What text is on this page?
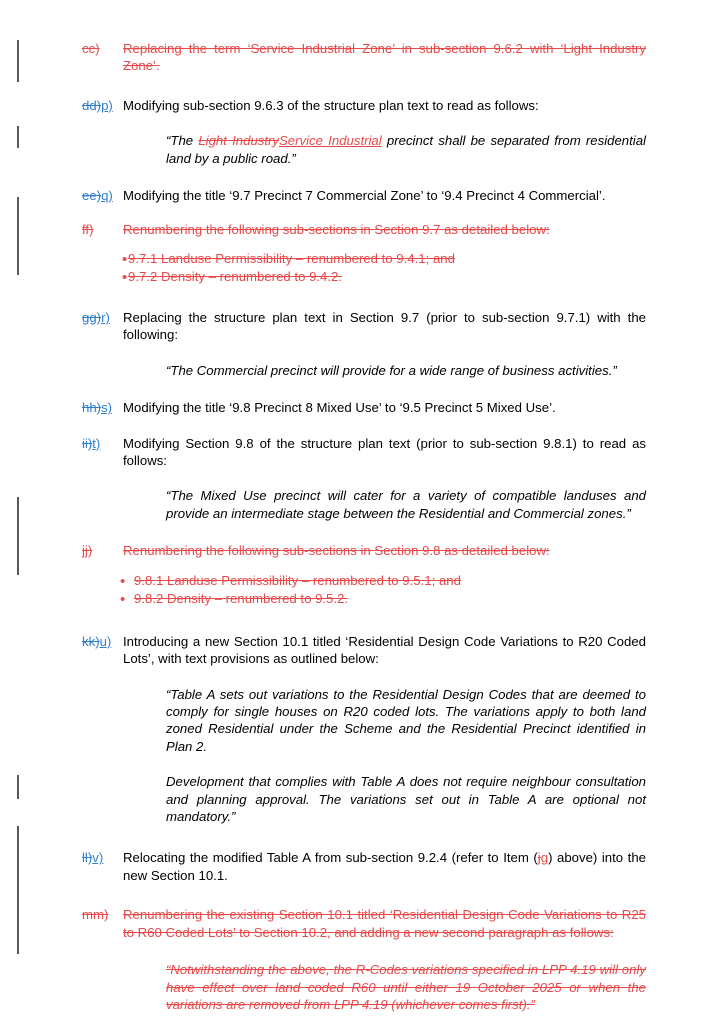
cc)	Replacing the term ‘Service Industrial Zone’ in sub-section 9.6.2 with ‘Light Industry Zone’.
dd)p) Modifying sub-section 9.6.3 of the structure plan text to read as follows:
“The Light IndustryService Industrial precinct shall be separated from residential land by a public road.”
ee)q) Modifying the title ‘9.7 Precinct 7 Commercial Zone’ to ‘9.4 Precinct 4 Commercial’.
ff)	Renumbering the following sub-sections in Section 9.7 as detailed below:
• 9.7.1 Landuse Permissibility – renumbered to 9.4.1; and
• 9.7.2 Density – renumbered to 9.4.2.
gg)r) Replacing the structure plan text in Section 9.7 (prior to sub-section 9.7.1) with the following:
“The Commercial precinct will provide for a wide range of business activities.”
hh)s) Modifying the title ‘9.8 Precinct 8 Mixed Use’ to ‘9.5 Precinct 5 Mixed Use’.
ii)t)	Modifying Section 9.8 of the structure plan text (prior to sub-section 9.8.1) to read as follows:
“The Mixed Use precinct will cater for a variety of compatible landuses and provide an intermediate stage between the Residential and Commercial zones.”
jj)	Renumbering the following sub-sections in Section 9.8 as detailed below:
• 9.8.1 Landuse Permissibility – renumbered to 9.5.1; and
• 9.8.2 Density – renumbered to 9.5.2.
kk)u) Introducing a new Section 10.1 titled ‘Residential Design Code Variations to R20 Coded Lots’, with text provisions as outlined below:
“Table A sets out variations to the Residential Design Codes that are deemed to comply for single houses on R20 coded lots. The variations apply to both land zoned Residential under the Scheme and the Residential Precinct identified in Plan 2.
Development that complies with Table A does not require neighbour consultation and planning approval. The variations set out in Table A are optional not mandatory.”
ll)v)	Relocating the modified Table A from sub-section 9.2.4 (refer to Item (jg) above) into the new Section 10.1.
mm)	Renumbering the existing Section 10.1 titled ‘Residential Design Code Variations to R25 to R60 Coded Lots’ to Section 10.2, and adding a new second paragraph as follows:
“Notwithstanding the above, the R-Codes variations specified in LPP 4.19 will only have effect over land coded R60 until either 19 October 2025 or when the variations are removed from LPP 4.19 (whichever comes first).”
